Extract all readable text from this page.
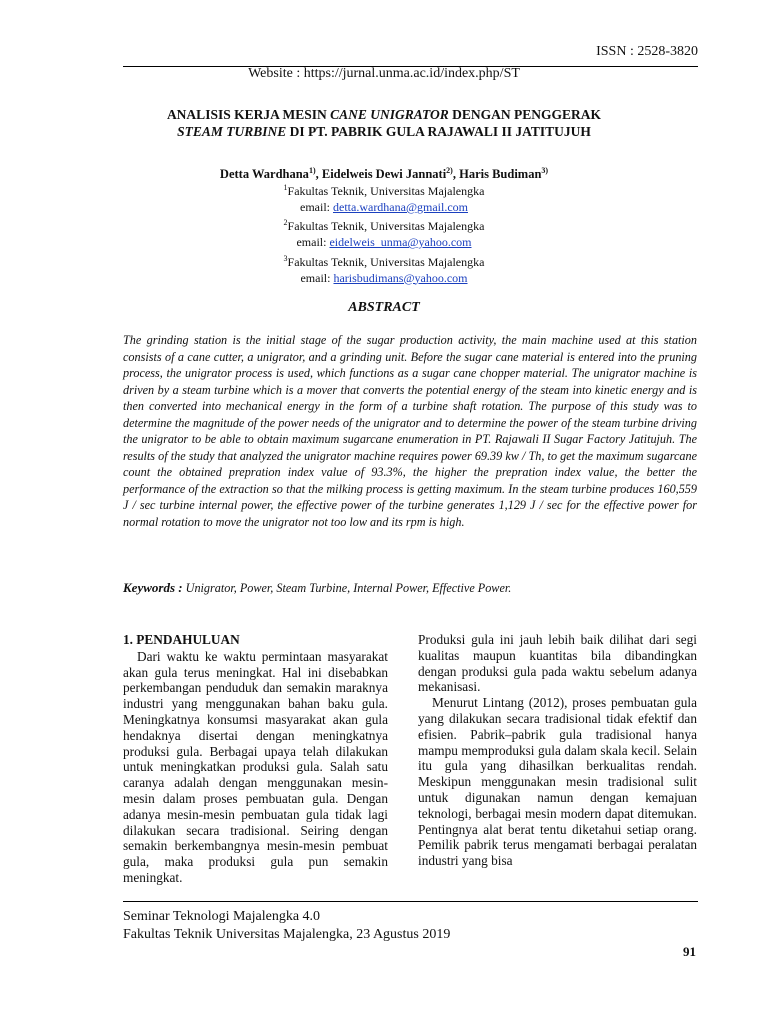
ISSN : 2528-3820
Website : https://jurnal.unma.ac.id/index.php/ST
ANALISIS KERJA MESIN CANE UNIGRATOR DENGAN PENGGERAK
STEAM TURBINE DI PT. PABRIK GULA RAJAWALI II JATITUJUH
Detta Wardhana$^{1)}$, Eidelweis Dewi Jannati$^{2)}$, Haris Budiman$^{3)}$
$^1$Fakultas Teknik, Universitas Majalengka
email: detta.wardhana@gmail.com
$^2$Fakultas Teknik, Universitas Majalengka
email: eidelweis_unma@yahoo.com
$^3$Fakultas Teknik, Universitas Majalengka
email: harisbudimans@yahoo.com
ABSTRACT
The grinding station is the initial stage of the sugar production activity, the main machine used at this station consists of a cane cutter, a unigrator, and a grinding unit. Before the sugar cane material is entered into the pruning process, the unigrator process is used, which functions as a sugar cane chopper material. The unigrator machine is driven by a steam turbine which is a mover that converts the potential energy of the steam into kinetic energy and is then converted into mechanical energy in the form of a turbine shaft rotation. The purpose of this study was to determine the magnitude of the power needs of the unigrator and to determine the power of the steam turbine driving the unigrator to be able to obtain maximum sugarcane enumeration in PT. Rajawali II Sugar Factory Jatitujuh. The results of the study that analyzed the unigrator machine requires power 69.39 kw / Th, to get the maximum sugarcane count the obtained prepration index value of 93.3%, the higher the prepration index value, the better the performance of the extraction so that the milking process is getting maximum. In the steam turbine produces 160,559 J / sec turbine internal power, the effective power of the turbine generates 1,129 J / sec for the effective power for normal rotation to move the unigrator not too low and its rpm is high.
Keywords : Unigrator, Power, Steam Turbine, Internal Power, Effective Power.
1. PENDAHULUAN

Dari waktu ke waktu permintaan masyarakat akan gula terus meningkat. Hal ini disebabkan perkembangan penduduk dan semakin maraknya industri yang menggunakan bahan baku gula. Meningkatnya konsumsi masyarakat akan gula hendaknya disertai dengan meningkatnya produksi gula. Berbagai upaya telah dilakukan untuk meningkatkan produksi gula. Salah satu caranya adalah dengan menggunakan mesin-mesin dalam proses pembuatan gula. Dengan adanya mesin-mesin pembuatan gula tidak lagi dilakukan secara tradisional. Seiring dengan semakin berkembangnya mesin-mesin pembuat gula, maka produksi gula pun semakin meningkat.

Produksi gula ini jauh lebih baik dilihat dari segi kualitas maupun kuantitas bila dibandingkan dengan produksi gula pada waktu sebelum adanya mekanisasi.

Menurut Lintang (2012), proses pembuatan gula yang dilakukan secara tradisional tidak efektif dan efisien. Pabrik–pabrik gula tradisional hanya mampu memproduksi gula dalam skala kecil. Selain itu gula yang dihasilkan berkualitas rendah. Meskipun menggunakan mesin tradisional sulit untuk digunakan namun dengan kemajuan teknologi, berbagai mesin modern dapat ditemukan. Pentingnya alat berat tentu diketahui setiap orang. Pemilik pabrik terus mengamati berbagai peralatan industri yang bisa

Seminar Teknologi Majalengka 4.0
Fakultas Teknik Universitas Majalengka, 23 Agustus 2019
91
